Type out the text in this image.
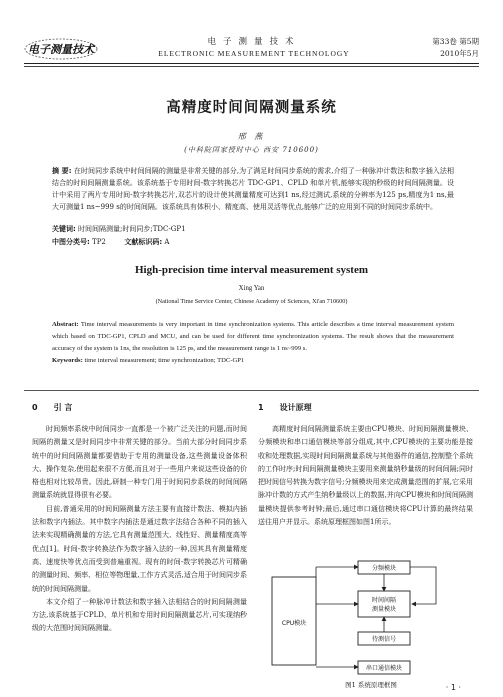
电子测量技术
电子测量技术
ELECTRONIC MEASUREMENT TECHNOLOGY
第33卷 第5期
2010年5月
高精度时间间隔测量系统
邢 燕
(中科院国家授时中心 西安 710600)
摘 要: 在时间同步系统中时间间隔的测量是非常关键的部分,为了满足时间同步系统的需求,介绍了一种脉冲计数法和数字插入法相结合的时间间隔测量系统。该系统基于专用时间-数字转换芯片 TDC-GP1、CPLD 和单片机,能够实现纳秒级的时间间隔测量。设计中采用了两片专用时间-数字转换芯片,双芯片的设计使其测量精度可达到1 ns,经过测试,系统的分辨率为125 ps,精度为1 ns,最大可测量1 ns~999 s的时间间隔。该系统具有体积小、精度高、使用灵活等优点,能够广泛的应用到不同的时间同步系统中。
关键词: 时间间隔测量;时间同步;TDC-GP1
中图分类号: TP2	文献标识码: A
High-precision time interval measurement system
Xing Yan
(National Time Service Center, Chinese Academy of Sciences, Xi'an 710600)
Abstract: Time interval measurements is very important in time synchronization systems. This article describes a time interval measurement system which based on TDC-GP1, CPLD and MCU, and can be used for different time synchronization systems. The result shows that the measurement accuracy of the system is 1ns, the resolution is 125 ps, and the measurement range is 1 ns~999 s.
Keywords: time interval measurement; time synchronization; TDC-GP1
0 引 言

时间频率系统中时间同步一直都是一个被广泛关注的问题,而时间间隔的测量又是时间同步中非常关键的部分。当前大部分时间同步系统中的时间间隔测量都要借助于专用的测量设备,这些测量设备体积大、操作复杂,使用起来很不方便,而且对于一些用户来说这些设备的价格也相对比较昂贵。因此,研制一种专门用于时间同步系统的时间间隔测量系统就显得很有必要。

目前,普通采用的时间间隔测量方法主要有直接计数法、模拟内插法和数字内插法。其中数字内插法是通过数字法结合各种不同的插入法来实现精确测量的方法,它具有测量范围大、线性好、测量精度高等优点[1]。时间-数字转换法作为数字插入法的一种,因其具有测量精度高、速度快等优点而受到普遍重视。现有的时间-数字转换芯片可精确的测量时间、频率、相位等物理量,工作方式灵活,适合用于时间同步系统的时间间隔测量。

本文介绍了一种脉冲计数法和数字插入法相结合的时间间隔测量方法,该系统基于CPLD、单片机和专用时间间隔测量芯片,可实现纳秒级的大范围时间间隔测量。

1 设计原理

高精度时间间隔测量系统主要由CPU模块、时间间隔测量模块、分频模块和串口通信模块等部分组成,其中,CPU模块的主要功能是接收和处理数据,实现时间间隔测量系统与其他器件的通信,控制整个系统的工作时序;时间间隔测量模块主要用来测量纳秒量级的时间间隔;同时把时间信号转换为数字信号;分频模块用来完成测量范围的扩展,它采用脉冲计数的方式产生纳秒量级以上的数据,并向CPU模块和时间间隔测量模块提供参考时钟;最后,通过串口通信模块将CPU计算的最终结果送往用户并显示。系统原理框图如图1所示。

CPU模块
分频模块
时间间隔测量模块
待测信号
串口通信模块
图1 系统原理框图	· 1 ·
